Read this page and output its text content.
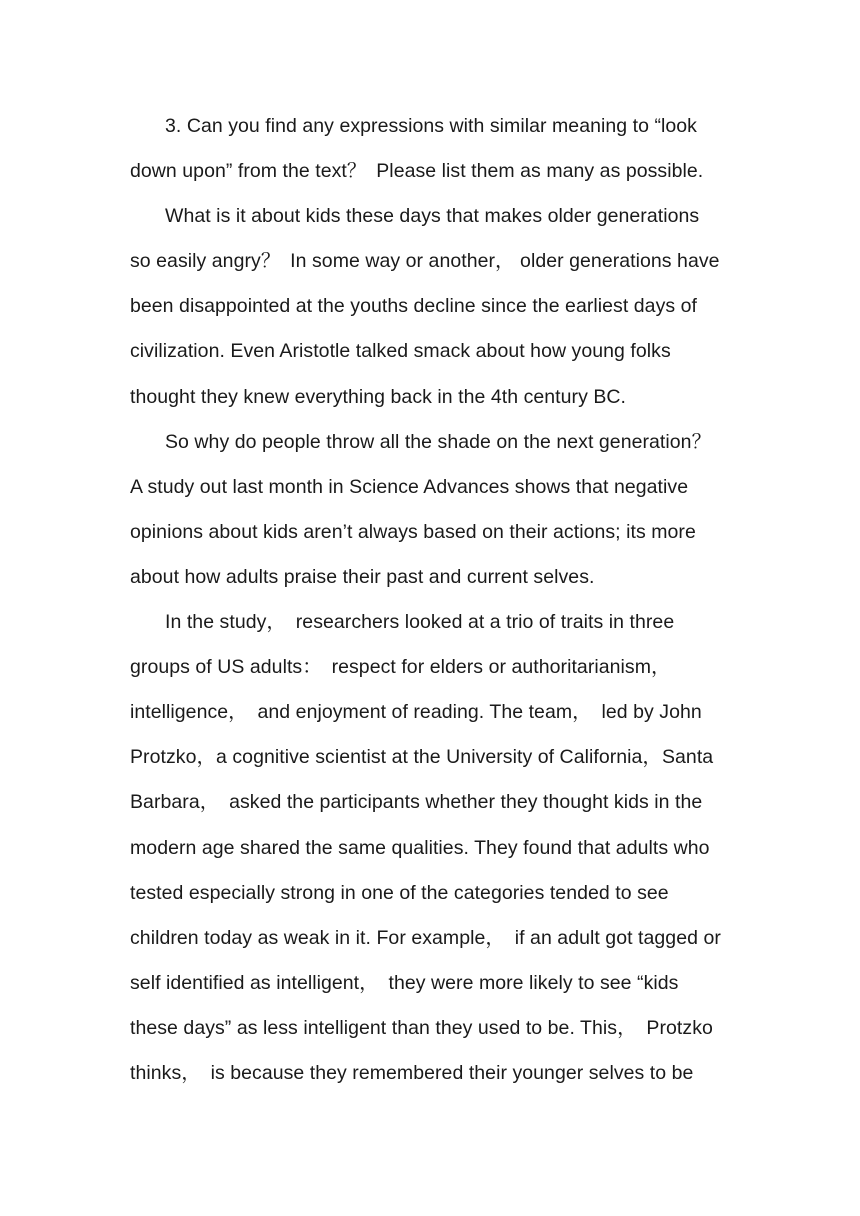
3. Can you find any expressions with similar meaning to “look
down upon” from the text？ Please list them as many as possible.
What is it about kids these days that makes older generations
so easily angry？ In some way or another， older generations have
been disappointed at the youths decline since the earliest days of
civilization. Even Aristotle talked smack about how young folks
thought they knew everything back in the 4th century BC.
So why do people throw all the shade on the next generation？
A study out last month in Science Advances shows that negative
opinions about kids aren’t always based on their actions; its more
about how adults praise their past and current selves.
In the study， researchers looked at a trio of traits in three
groups of US adults： respect for elders or authoritarianism，
intelligence， and enjoyment of reading. The team， led by John
Protzko，a cognitive scientist at the University of California，Santa
Barbara， asked the participants whether they thought kids in the
modern age shared the same qualities. They found that adults who
tested especially strong in one of the categories tended to see
children today as weak in it. For example， if an adult got tagged or
self identified as intelligent， they were more likely to see “kids
these days” as less intelligent than they used to be. This， Protzko
thinks， is because they remembered their younger selves to be
